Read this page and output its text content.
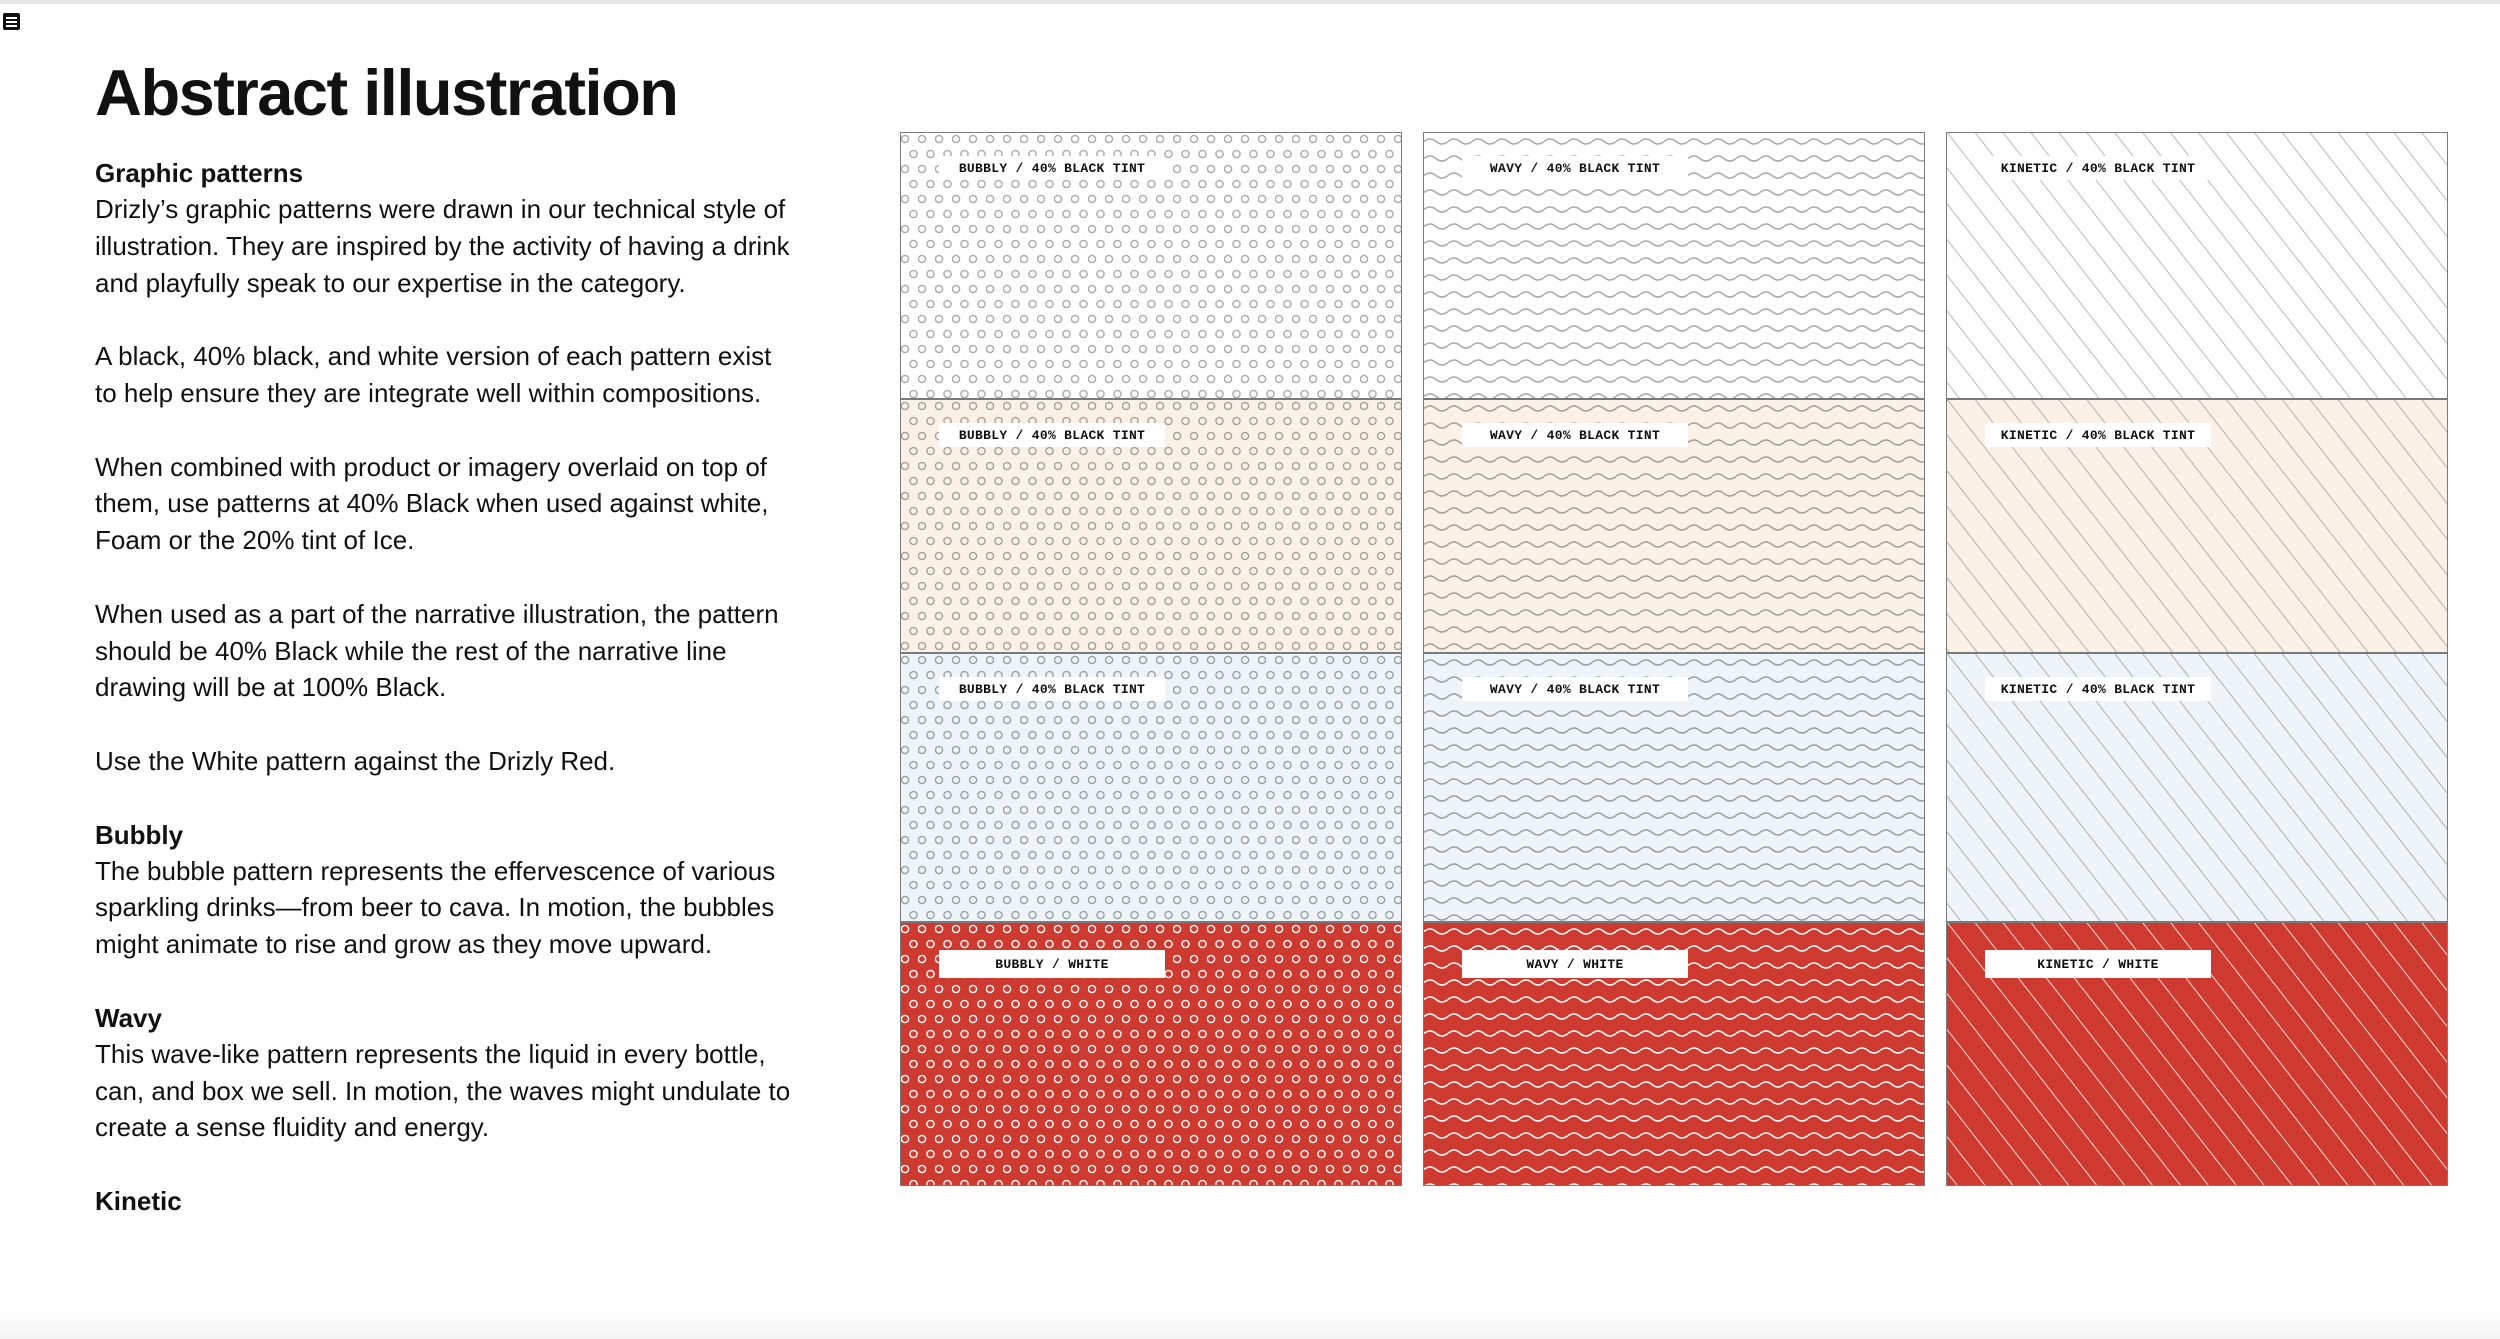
Abstract illustration

Graphic patterns

Drizly’s graphic patterns were drawn in our technical style of illustration. They are inspired by the activity of having a drink and playfully speak to our expertise in the category.

A black, 40% black, and white version of each pattern exist to help ensure they are integrate well within compositions.

When combined with product or imagery overlaid on top of them, use patterns at 40% Black when used against white, Foam or the 20% tint of Ice.

When used as a part of the narrative illustration, the pattern should be 40% Black while the rest of the narrative line drawing will be at 100% Black.

Use the White pattern against the Drizly Red.

Bubbly

The bubble pattern represents the effervescence of various sparkling drinks—from beer to cava. In motion, the bubbles might animate to rise and grow as they move upward.

Wavy

This wave-like pattern represents the liquid in every bottle, can, and box we sell. In motion, the waves might undulate to create a sense fluidity and energy.

Kinetic

BUBBLY / 40% BLACK TINT	WAVY / 40% BLACK TINT	KINETIC / 40% BLACK TINT
BUBBLY / 40% BLACK TINT	WAVY / 40% BLACK TINT	KINETIC / 40% BLACK TINT
BUBBLY / 40% BLACK TINT	WAVY / 40% BLACK TINT	KINETIC / 40% BLACK TINT
BUBBLY / WHITE	WAVY / WHITE	KINETIC / WHITE
